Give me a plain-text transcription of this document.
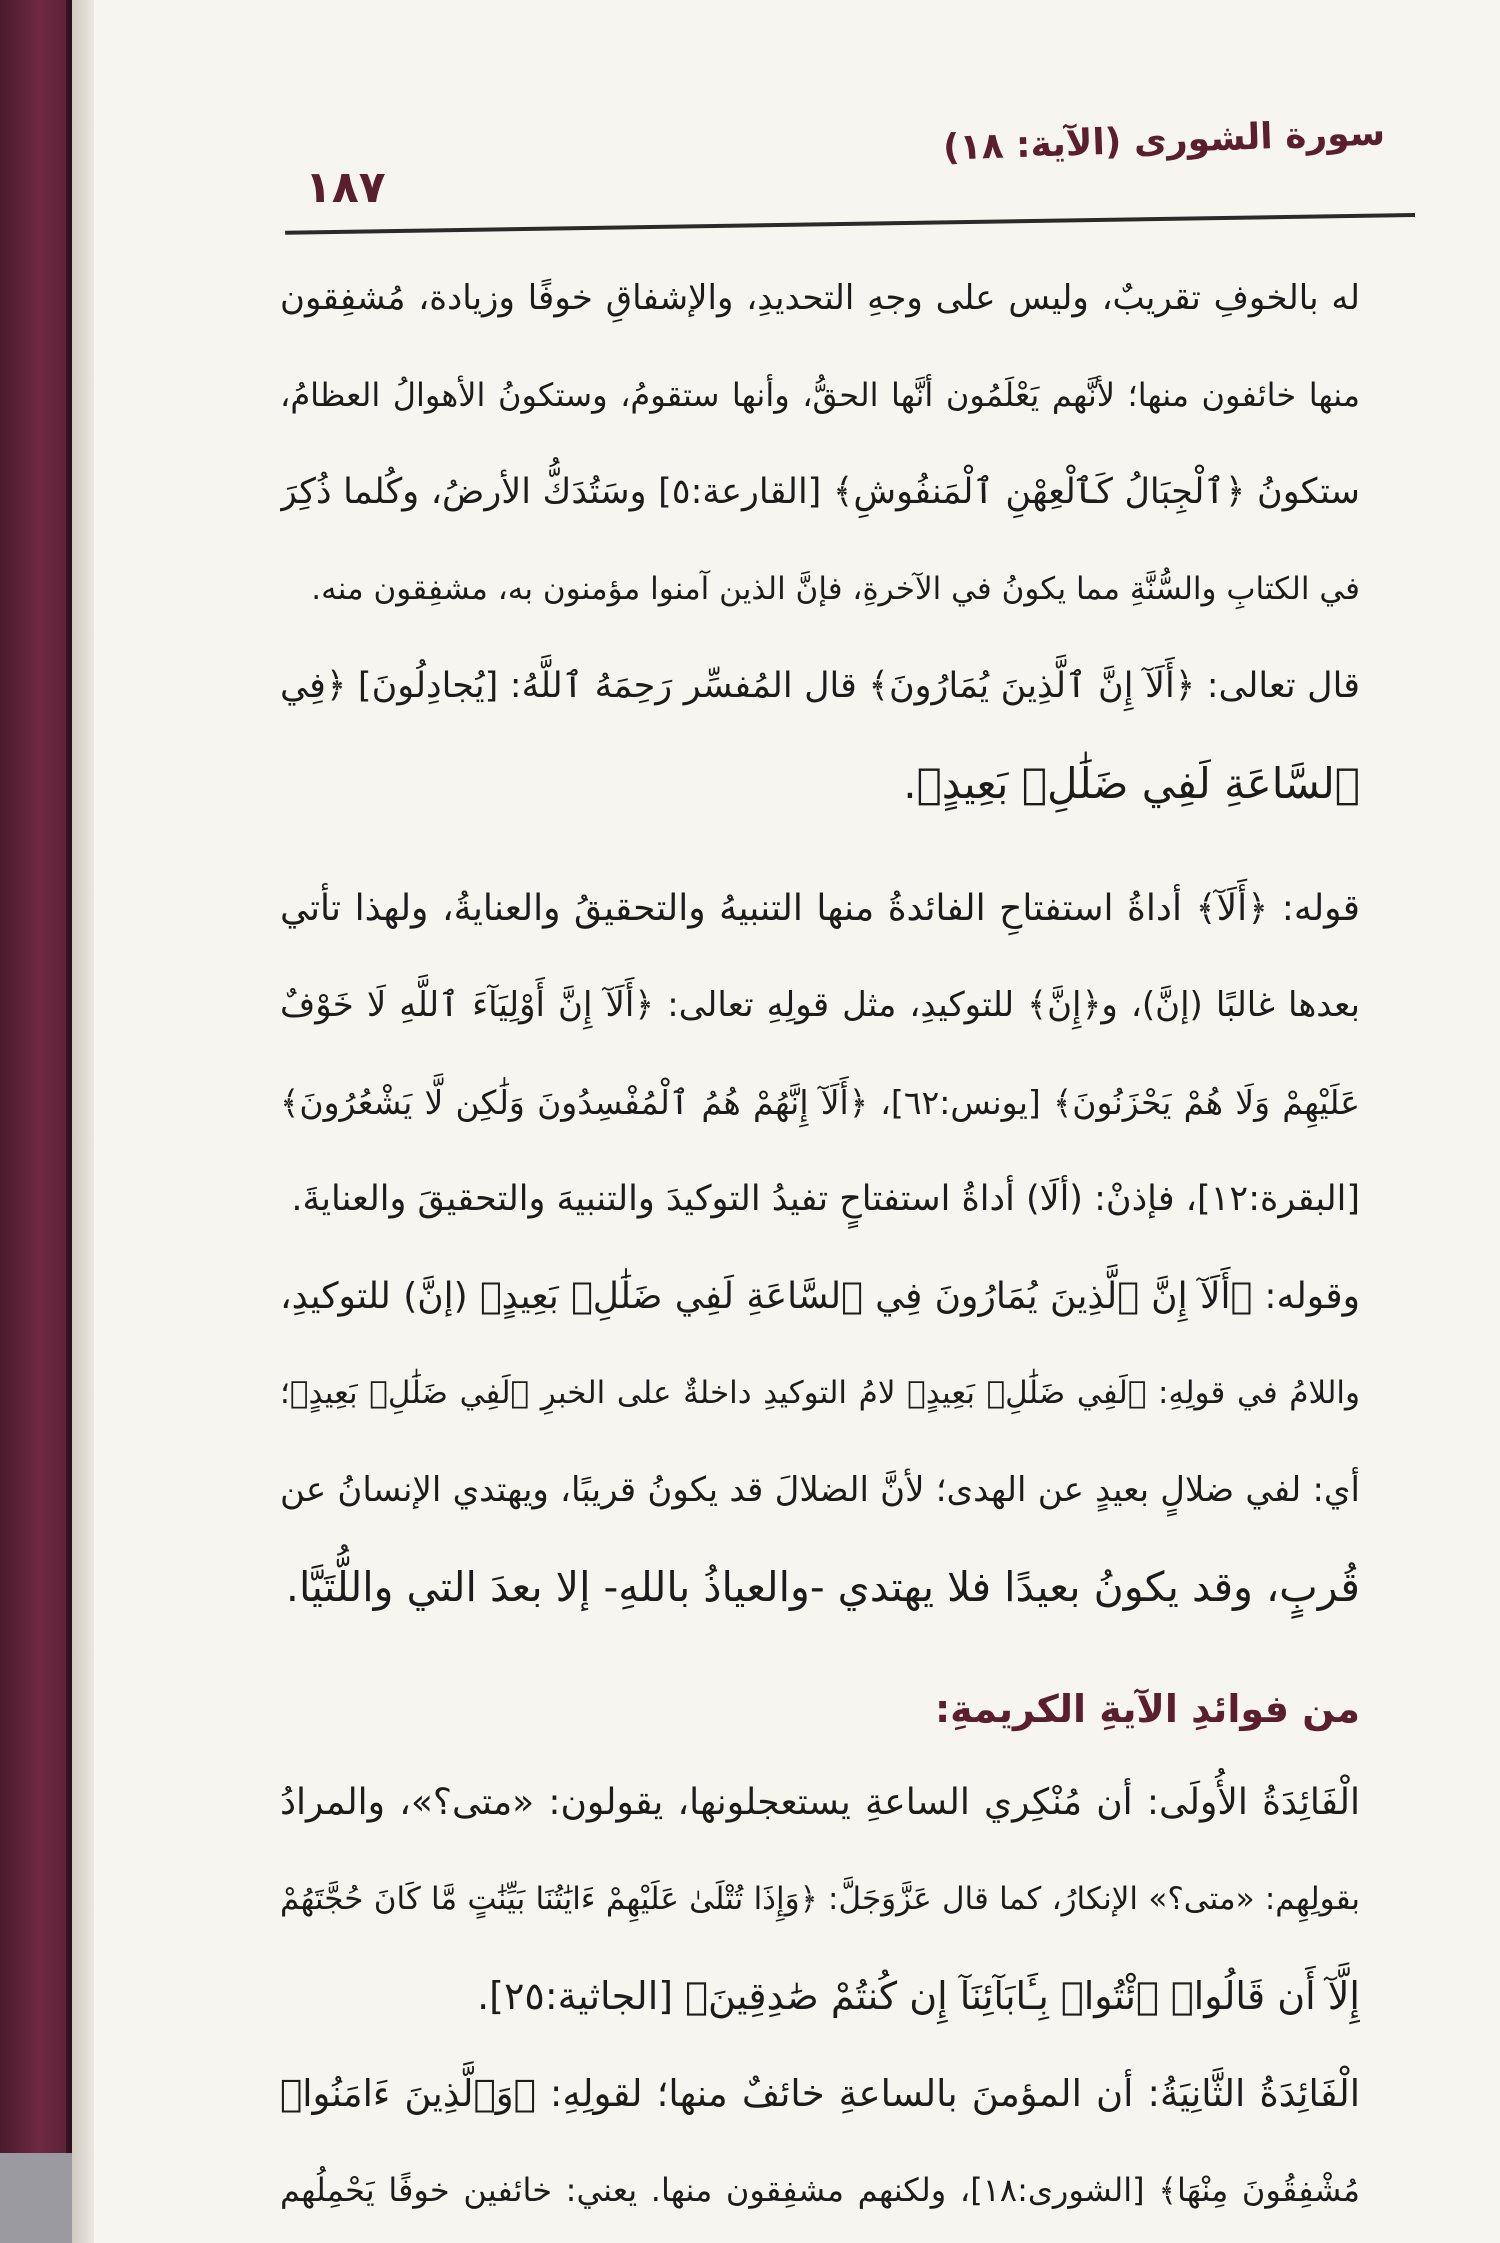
١٨٧
سورة الشورى (الآية: ١٨)
له بالخوفِ تقريبٌ، وليس على وجهِ التحديدِ، والإشفاقِ خوفًا وزيادة، مُشفِقون
منها خائفون منها؛ لأنَّهم يَعْلَمُون أنَّها الحقُّ، وأنها ستقومُ، وستكونُ الأهوالُ العظامُ،
ستكونُ ﴿ٱلْجِبَالُ كَٱلْعِهْنِ ٱلْمَنفُوشِ﴾ [القارعة:٥] وسَتُدَكُّ الأرضُ، وكُلما ذُكِرَ
في الكتابِ والسُّنَّةِ مما يكونُ في الآخرةِ، فإنَّ الذين آمنوا مؤمنون به، مشفِقون منه.
قال تعالى: ﴿أَلَآ إِنَّ ٱلَّذِينَ يُمَارُونَ﴾ قال المُفسِّر رَحِمَهُ ٱللَّهُ: [يُجادِلُونَ] ﴿فِي
ٱلسَّاعَةِ لَفِي ضَلَٰلِۭ بَعِيدٍ﴾.
قوله: ﴿أَلَآ﴾ أداةُ استفتاحِ الفائدةُ منها التنبيهُ والتحقيقُ والعنايةُ، ولهذا تأتي
بعدها غالبًا (إنَّ)، و﴿إِنَّ﴾ للتوكيدِ، مثل قولِهِ تعالى: ﴿أَلَآ إِنَّ أَوْلِيَآءَ ٱللَّهِ لَا خَوْفٌ
عَلَيْهِمْ وَلَا هُمْ يَحْزَنُونَ﴾ [يونس:٦٢]، ﴿أَلَآ إِنَّهُمْ هُمُ ٱلْمُفْسِدُونَ وَلَٰكِن لَّا يَشْعُرُونَ﴾
[البقرة:١٢]، فإذنْ: (ألَا) أداةُ استفتاحٍ تفيدُ التوكيدَ والتنبيهَ والتحقيقَ والعنايةَ.
وقوله: ﴿أَلَآ إِنَّ ٱلَّذِينَ يُمَارُونَ فِي ٱلسَّاعَةِ لَفِي ضَلَٰلِۭ بَعِيدٍ﴾ (إنَّ) للتوكيدِ،
واللامُ في قولِهِ: ﴿لَفِي ضَلَٰلِۭ بَعِيدٍ﴾ لامُ التوكيدِ داخلةٌ على الخبرِ ﴿لَفِي ضَلَٰلِۭ بَعِيدٍ﴾؛
أي: لفي ضلالٍ بعيدٍ عن الهدى؛ لأنَّ الضلالَ قد يكونُ قريبًا، ويهتدي الإنسانُ عن
قُربٍ، وقد يكونُ بعيدًا فلا يهتدي -والعياذُ باللهِ- إلا بعدَ التي واللُّتَيَّا.
من فوائدِ الآيةِ الكريمةِ:
الْفَائِدَةُ الأُولَى: أن مُنْكِري الساعةِ يستعجلونها، يقولون: «متى؟»، والمرادُ
بقولِهِم: «متى؟» الإنكارُ، كما قال عَزَّوَجَلَّ: ﴿وَإِذَا تُتْلَىٰ عَلَيْهِمْ ءَايَٰتُنَا بَيِّنَٰتٍ مَّا كَانَ حُجَّتَهُمْ
إِلَّآ أَن قَالُوا۟ ٱئْتُوا۟ بِـَٔابَآئِنَآ إِن كُنتُمْ صَٰدِقِينَ﴾ [الجاثية:٢٥].
الْفَائِدَةُ الثَّانِيَةُ: أن المؤمنَ بالساعةِ خائفٌ منها؛ لقولِهِ: ﴿وَٱلَّذِينَ ءَامَنُوا۟
مُشْفِقُونَ مِنْهَا﴾ [الشورى:١٨]، ولكنهم مشفِقون منها. يعني: خائفين خوفًا يَحْمِلُهم
